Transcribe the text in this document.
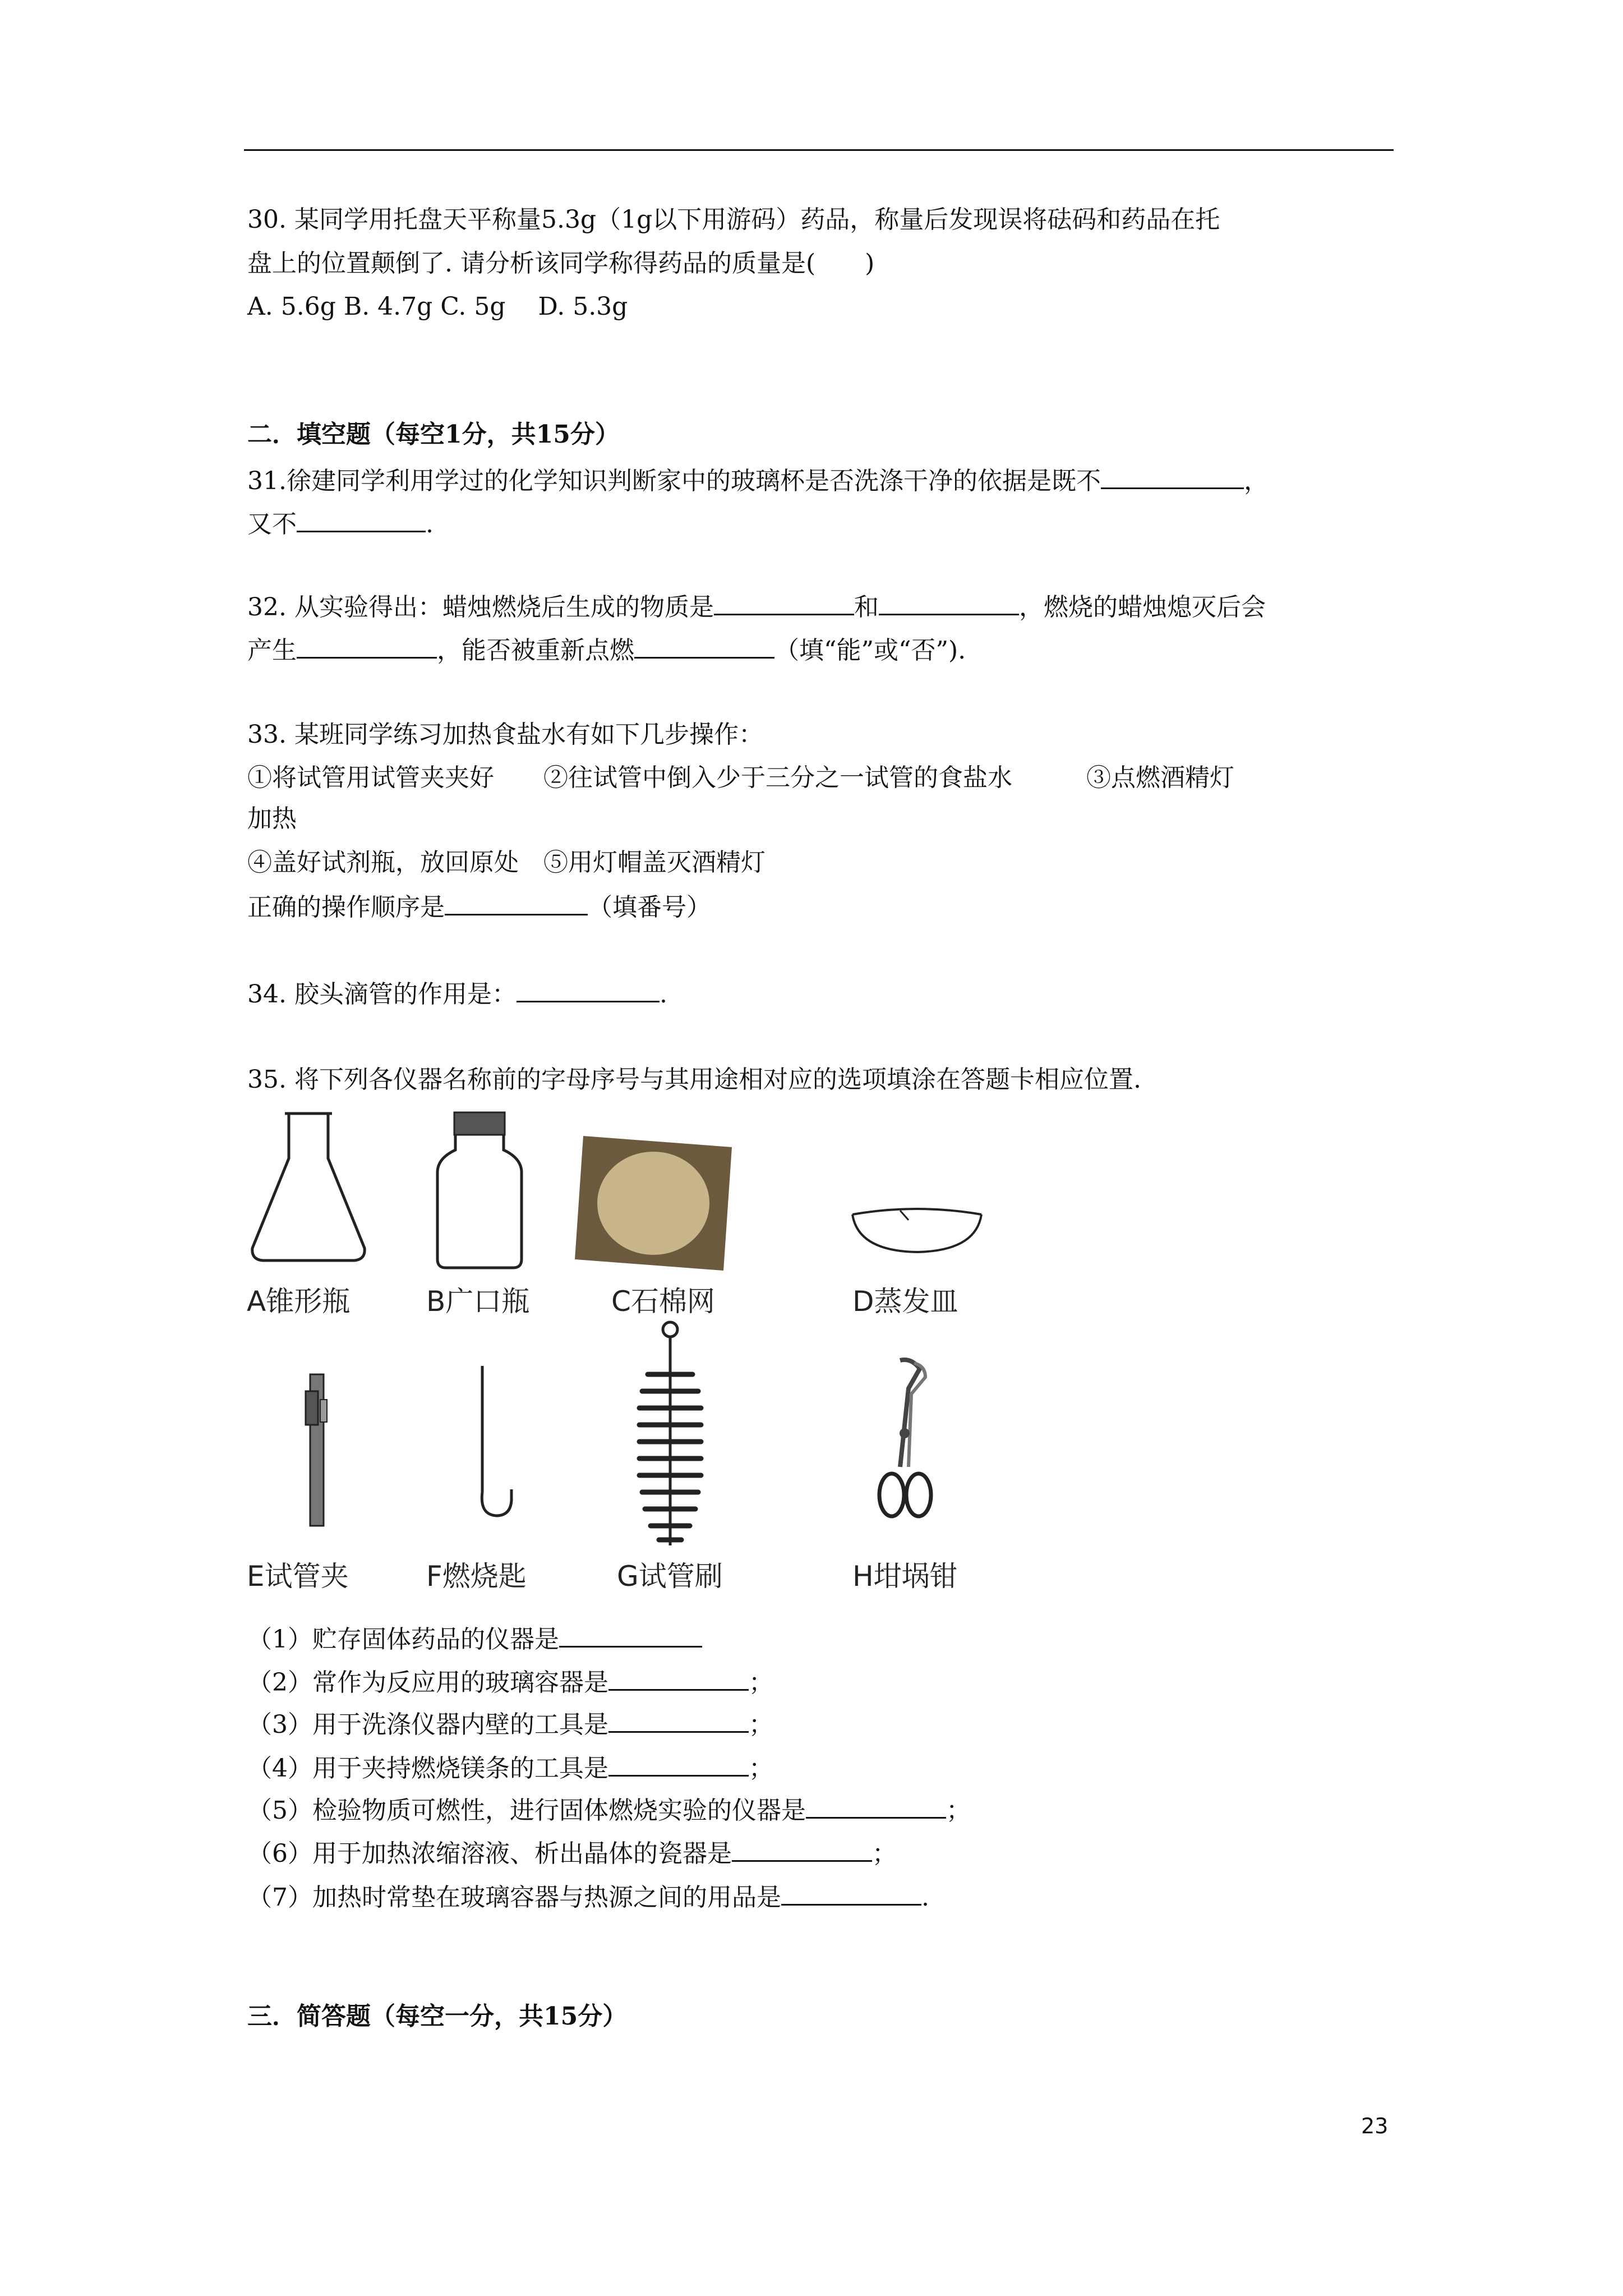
30. 某同学用托盘天平称量5.3g（1g以下用游码）药品，称量后发现误将砝码和药品在托
盘上的位置颠倒了. 请分析该同学称得药品的质量是(　　)
A. 5.6g B. 4.7g C. 5g　 D. 5.3g
二．填空题（每空1分，共15分）
31.徐建同学利用学过的化学知识判断家中的玻璃杯是否洗涤干净的依据是既不	，
又不	.
32. 从实验得出：蜡烛燃烧后生成的物质是	和	，燃烧的蜡烛熄灭后会
产生	，能否被重新点燃	（填“能”或“否”).
33. 某班同学练习加热食盐水有如下几步操作：
①将试管用试管夹夹好　　②往试管中倒入少于三分之一试管的食盐水　　　③点燃酒精灯
加热
④盖好试剂瓶，放回原处　⑤用灯帽盖灭酒精灯
正确的操作顺序是	（填番号）
34. 胶头滴管的作用是：	.
35. 将下列各仪器名称前的字母序号与其用途相对应的选项填涂在答题卡相应位置.
A锥形瓶	B广口瓶	C石棉网	D蒸发皿
E试管夹	F燃烧匙	G试管刷	H坩埚钳
（1）贮存固体药品的仪器是
（2）常作为反应用的玻璃容器是	；
（3）用于洗涤仪器内壁的工具是	；
（4）用于夹持燃烧镁条的工具是	；
（5）检验物质可燃性，进行固体燃烧实验的仪器是	；
（6）用于加热浓缩溶液、析出晶体的瓷器是	；
（7）加热时常垫在玻璃容器与热源之间的用品是	.
三．简答题（每空一分，共15分）
23
